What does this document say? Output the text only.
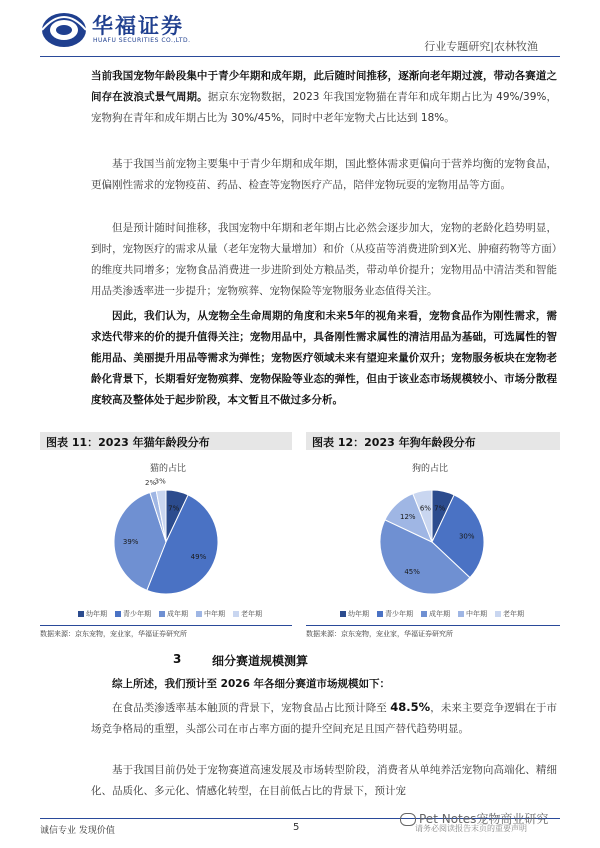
华福证券
HUAFU SECURITIES CO.,LTD.	行业专题研究|农林牧渔
当前我国宠物年龄段集中于青少年期和成年期，此后随时间推移，逐渐向老年期过渡，带动各赛道之间存在波浪式景气周期。据京东宠物数据，2023 年我国宠物猫在青年和成年期占比为 49%/39%，宠物狗在青年和成年期占比为 30%/45%，同时中老年宠物犬占比达到 18%。
基于我国当前宠物主要集中于青少年期和成年期，国此整体需求更偏向于营养均衡的宠物食品，更偏刚性需求的宠物疫苗、药品、检查等宠物医疗产品，陪伴宠物玩耍的宠物用品等方面。
但是预计随时间推移，我国宠物中年期和老年期占比必然会逐步加大，宠物的老龄化趋势明显，到时，宠物医疗的需求从量（老年宠物大量增加）和价（从疫苗等消费进阶到X光、肿瘤药物等方面）的维度共同增多；宠物食品消费进一步进阶到处方粮品类，带动单价提升；宠物用品中清洁类和智能用品类渗透率进一步提升；宠物殡葬、宠物保险等宠物服务业态值得关注。
因此，我们认为，从宠物全生命周期的角度和未来5年的视角来看，宠物食品作为刚性需求，需求迭代带来的价的提升值得关注；宠物用品中，具备刚性需求属性的清洁用品为基础，可选属性的智能用品、美丽提升用品等需求为弹性；宠物医疗领域未来有望迎来量价双升；宠物服务板块在宠物老龄化背景下，长期看好宠物殡葬、宠物保险等业态的弹性，但由于该业态市场规模较小、市场分散程度较高及整体处于起步阶段，本文暂且不做过多分析。
图表 11：2023 年猫年龄段分布	图表 12：2023 年狗年龄段分布
猫的占比	狗的占比
7%
49%
39%
2%
3%
7%
30%
45%
12%
6%
幼年期 青少年期 成年期 中年期 老年期	幼年期 青少年期 成年期 中年期 老年期
数据来源：京东宠物，宠业家，华福证券研究所	数据来源：京东宠物，宠业家，华福证券研究所
3	细分赛道规模测算
综上所述，我们预计至 2026 年各细分赛道市场规模如下：
在食品类渗透率基本触顶的背景下，宠物食品占比预计降至 48.5%，未来主要竞争逻辑在于市场竞争格局的重塑，头部公司在市占率方面的提升空间充足且国产替代趋势明显。
基于我国目前仍处于宠物赛道高速发展及市场转型阶段，消费者从单纯养活宠物向高端化、精细化、品质化、多元化、情感化转型，在目前低占比的背景下，预计宠
诚信专业 发现价值	5	请务必阅读报告末页的重要声明
Pet Notes宠物商业研究
